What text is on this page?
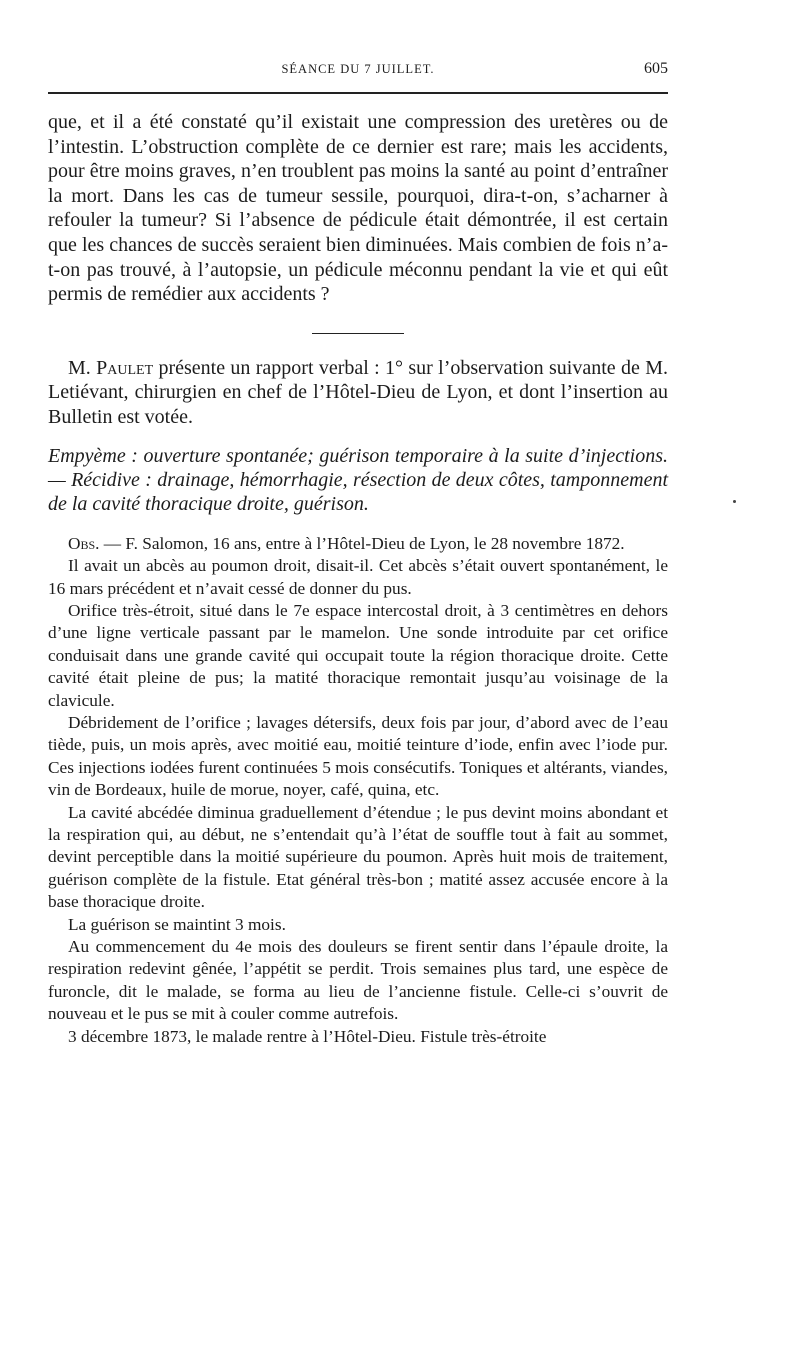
SÉANCE DU 7 JUILLET.	605

que, et il a été constaté qu’il existait une compression des uretères ou de l’intestin. L’obstruction complète de ce dernier est rare; mais les accidents, pour être moins graves, n’en troublent pas moins la santé au point d’entraîner la mort. Dans les cas de tumeur sessile, pourquoi, dira-t-on, s’acharner à refouler la tumeur? Si l’absence de pédicule était démontrée, il est certain que les chances de succès seraient bien diminuées. Mais combien de fois n’a-t-on pas trouvé, à l’autopsie, un pédicule méconnu pendant la vie et qui eût permis de remédier aux accidents ?

M. Paulet présente un rapport verbal : 1° sur l’observation suivante de M. Letiévant, chirurgien en chef de l’Hôtel-Dieu de Lyon, et dont l’insertion au Bulletin est votée.

Empyème : ouverture spontanée; guérison temporaire à la suite d’injections. — Récidive : drainage, hémorrhagie, résection de deux côtes, tamponnement de la cavité thoracique droite, guérison.

Obs. — F. Salomon, 16 ans, entre à l’Hôtel-Dieu de Lyon, le 28 novembre 1872.

Il avait un abcès au poumon droit, disait-il. Cet abcès s’était ouvert spontanément, le 16 mars précédent et n’avait cessé de donner du pus.

Orifice très-étroit, situé dans le 7e espace intercostal droit, à 3 centimètres en dehors d’une ligne verticale passant par le mamelon. Une sonde introduite par cet orifice conduisait dans une grande cavité qui occupait toute la région thoracique droite. Cette cavité était pleine de pus; la matité thoracique remontait jusqu’au voisinage de la clavicule.

Débridement de l’orifice ; lavages détersifs, deux fois par jour, d’abord avec de l’eau tiède, puis, un mois après, avec moitié eau, moitié teinture d’iode, enfin avec l’iode pur. Ces injections iodées furent continuées 5 mois consécutifs. Toniques et altérants, viandes, vin de Bordeaux, huile de morue, noyer, café, quina, etc.

La cavité abcédée diminua graduellement d’étendue ; le pus devint moins abondant et la respiration qui, au début, ne s’entendait qu’à l’état de souffle tout à fait au sommet, devint perceptible dans la moitié supérieure du poumon. Après huit mois de traitement, guérison complète de la fistule. Etat général très-bon ; matité assez accusée encore à la base thoracique droite.

La guérison se maintint 3 mois.

Au commencement du 4e mois des douleurs se firent sentir dans l’épaule droite, la respiration redevint gênée, l’appétit se perdit. Trois semaines plus tard, une espèce de furoncle, dit le malade, se forma au lieu de l’ancienne fistule. Celle-ci s’ouvrit de nouveau et le pus se mit à couler comme autrefois.

3 décembre 1873, le malade rentre à l’Hôtel-Dieu. Fistule très-étroite
